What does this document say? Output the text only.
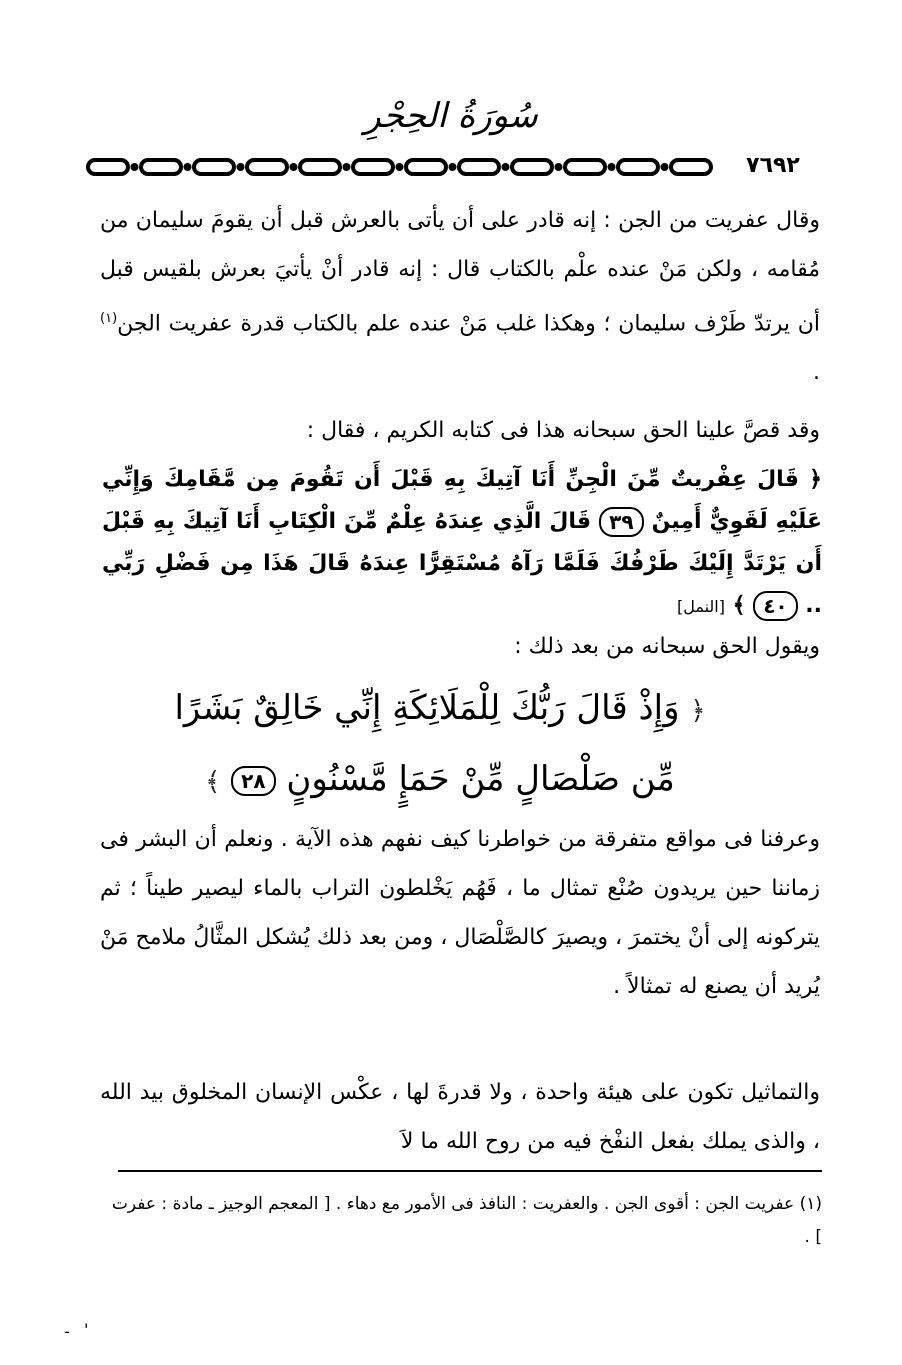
سُورَةُ الحِجْرِ
٧٦٩٢

وقال عفريت من الجن : إنه قادر على أن يأتى بالعرش قبل أن يقومَ سليمان من مُقامه ، ولكن مَنْ عنده علْم بالكتاب قال : إنه قادر أنْ يأتيَ بعرش بلقيس قبل أن يرتدّ طَرْف سليمان ؛ وهكذا غلب مَنْ عنده علم بالكتاب قدرة عفريت الجن$^{(١)}$ .

وقد قصَّ علينا الحق سبحانه هذا فى كتابه الكريم ، فقال :

﴿ قَالَ عِفْريتٌ مِّنَ الْجِنِّ أَنَا آتِيكَ بِهِ قَبْلَ أَن تَقُومَ مِن مَّقَامِكَ وَإِنِّي عَلَيْهِ لَقَوِيٌّ أَمِينٌ ٣٩ قَالَ الَّذِي عِندَهُ عِلْمٌ مِّنَ الْكِتَابِ أَنَا آتِيكَ بِهِ قَبْلَ أَن يَرْتَدَّ إِلَيْكَ طَرْفُكَ فَلَمَّا رَآهُ مُسْتَقِرًّا عِندَهُ قَالَ هَذَا مِن فَضْلِ رَبِّي .. ٤٠ ﴾ [النمل]

ويقول الحق سبحانه من بعد ذلك :

﴿ وَإِذْ قَالَ رَبُّكَ لِلْمَلَائِكَةِ إِنِّي خَالِقٌ بَشَرًا مِّن صَلْصَالٍ مِّنْ حَمَإٍ مَّسْنُونٍ ٢٨ ﴾

وعرفنا فى مواقع متفرقة من خواطرنا كيف نفهم هذه الآية . ونعلم أن البشر فى زماننا حين يريدون صُنْع تمثال ما ، فَهُم يَخْلطون التراب بالماء ليصير طيناً ؛ ثم يتركونه إلى أنْ يختمرَ ، ويصيرَ كالصَّلْصَال ، ومن بعد ذلك يُشكل المثَّالُ ملامح مَنْ يُريد أن يصنع له تمثالاً .

والتماثيل تكون على هيئة واحدة ، ولا قدرةَ لها ، عكْس الإنسان المخلوق بيد الله ، والذى يملك بفعل النفْخ فيه من روح الله ما لاَ

(١) عفريت الجن : أقوى الجن . والعفريت : النافذ فى الأمور مع دهاء . [ المعجم الوجيز ـ مادة : عفرت ] .

- '
